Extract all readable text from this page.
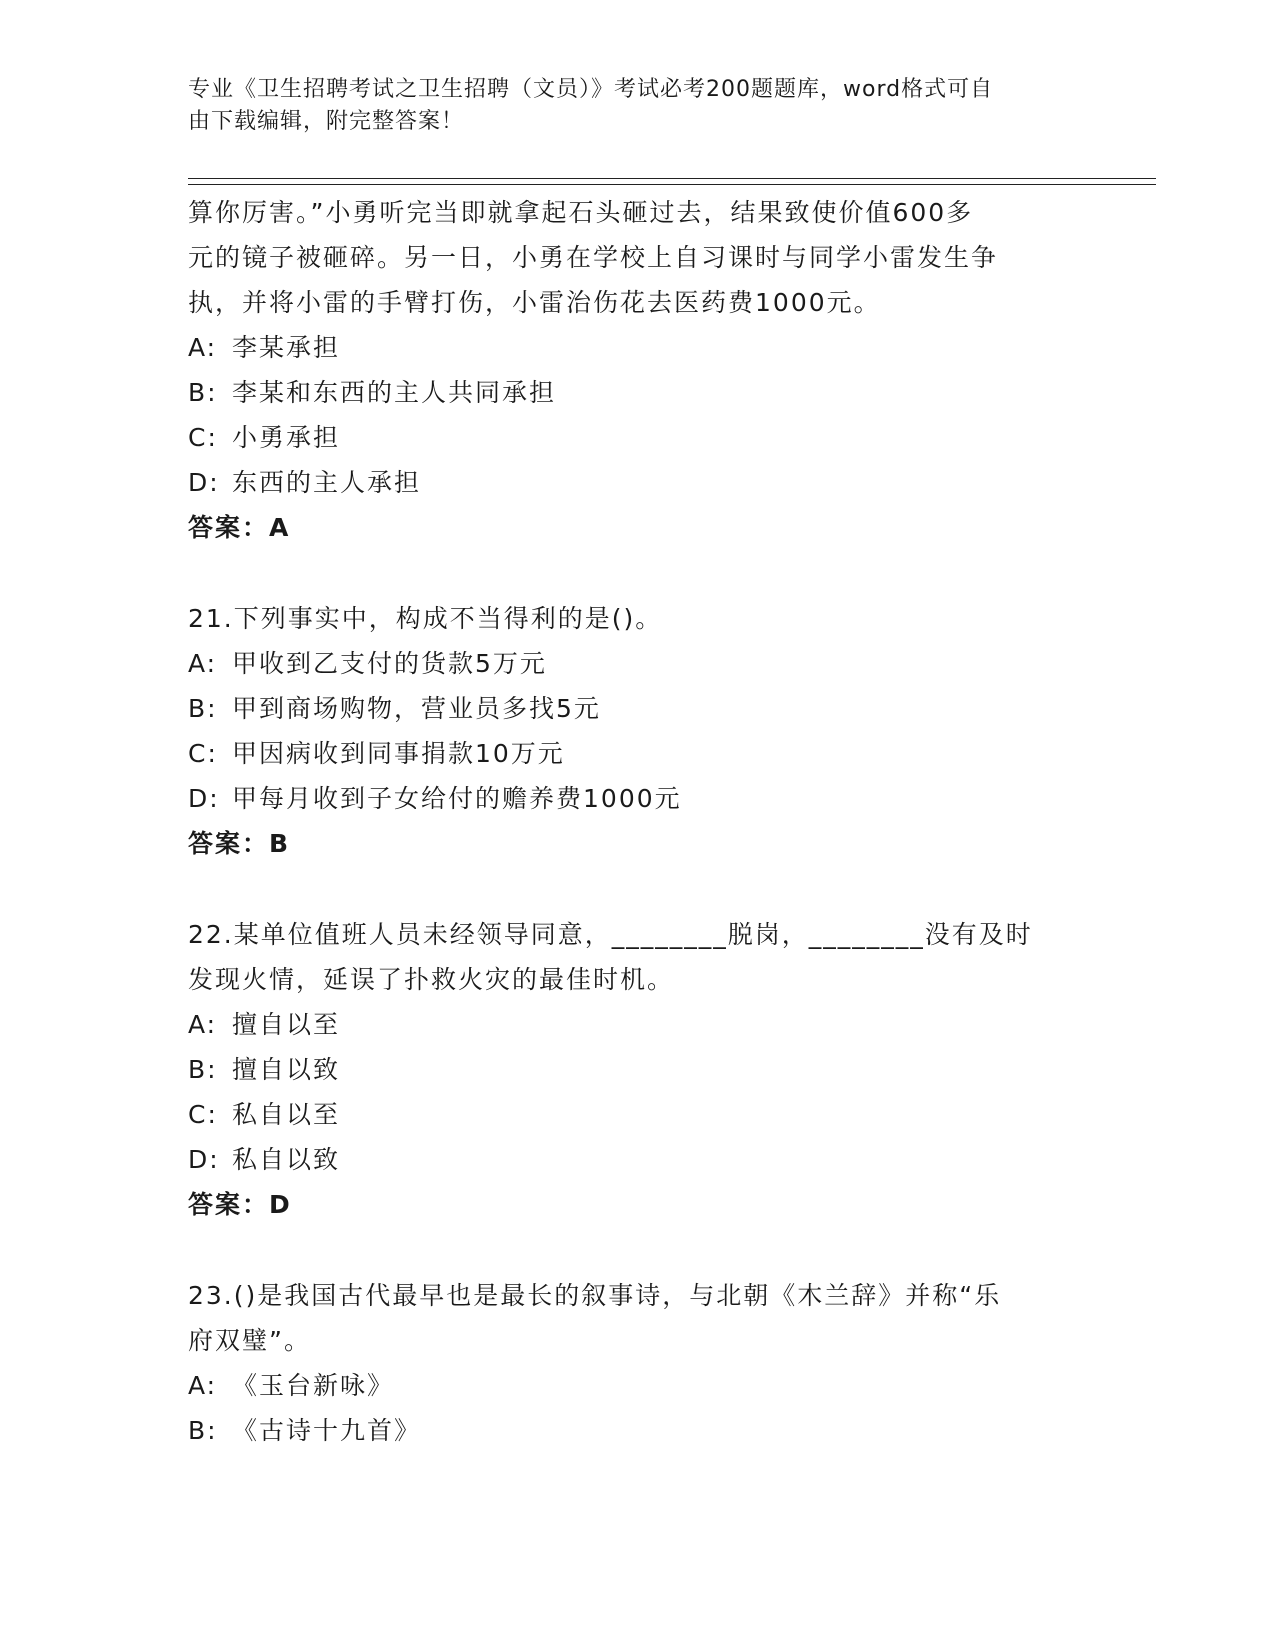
专业《卫生招聘考试之卫生招聘（文员）》考试必考200题题库，word格式可自
由下载编辑，附完整答案！
算你厉害。”小勇听完当即就拿起石头砸过去，结果致使价值600多
元的镜子被砸碎。另一日，小勇在学校上自习课时与同学小雷发生争
执，并将小雷的手臂打伤，小雷治伤花去医药费1000元。
A: 李某承担
B: 李某和东西的主人共同承担
C: 小勇承担
D: 东西的主人承担
答案：A
21.下列事实中，构成不当得利的是()。
A: 甲收到乙支付的货款5万元
B: 甲到商场购物，营业员多找5元
C: 甲因病收到同事捐款10万元
D: 甲每月收到子女给付的赡养费1000元
答案：B
22.某单位值班人员未经领导同意，________脱岗，________没有及时
发现火情，延误了扑救火灾的最佳时机。
A: 擅自以至
B: 擅自以致
C: 私自以至
D: 私自以致
答案：D
23.()是我国古代最早也是最长的叙事诗，与北朝《木兰辞》并称“乐
府双璧”。
A: 《玉台新咏》
B: 《古诗十九首》
